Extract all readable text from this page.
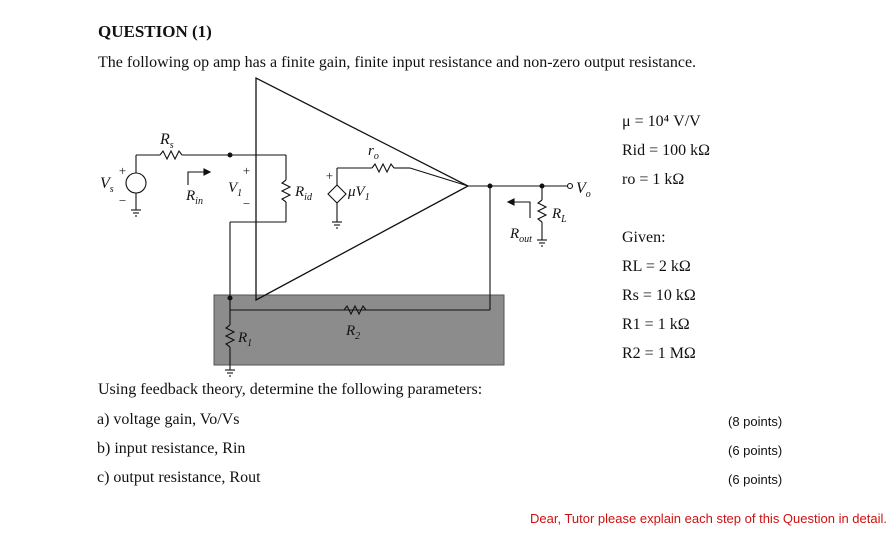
QUESTION (1)
The following op amp has a finite gain, finite input resistance and non-zero output resistance.
$V_s$
+
−
$R_s$
$R_{in}$
$V_1$
+
−
$R_{id}$
+
$\mu V_1$
$r_o$
$V_o$
$R_L$
$R_{out}$
$R_1$
$R_2$
μ = 10⁴ V/V
Rid = 100 kΩ
ro = 1 kΩ
Given:
RL = 2 kΩ
Rs = 10 kΩ
R1 = 1 kΩ
R2 = 1 MΩ
Using feedback theory, determine the following parameters:
a) voltage gain, Vo/Vs	(8 points)
b) input resistance, Rin	(6 points)
c) output resistance, Rout	(6 points)
Dear, Tutor please explain each step of this Question in detail.
